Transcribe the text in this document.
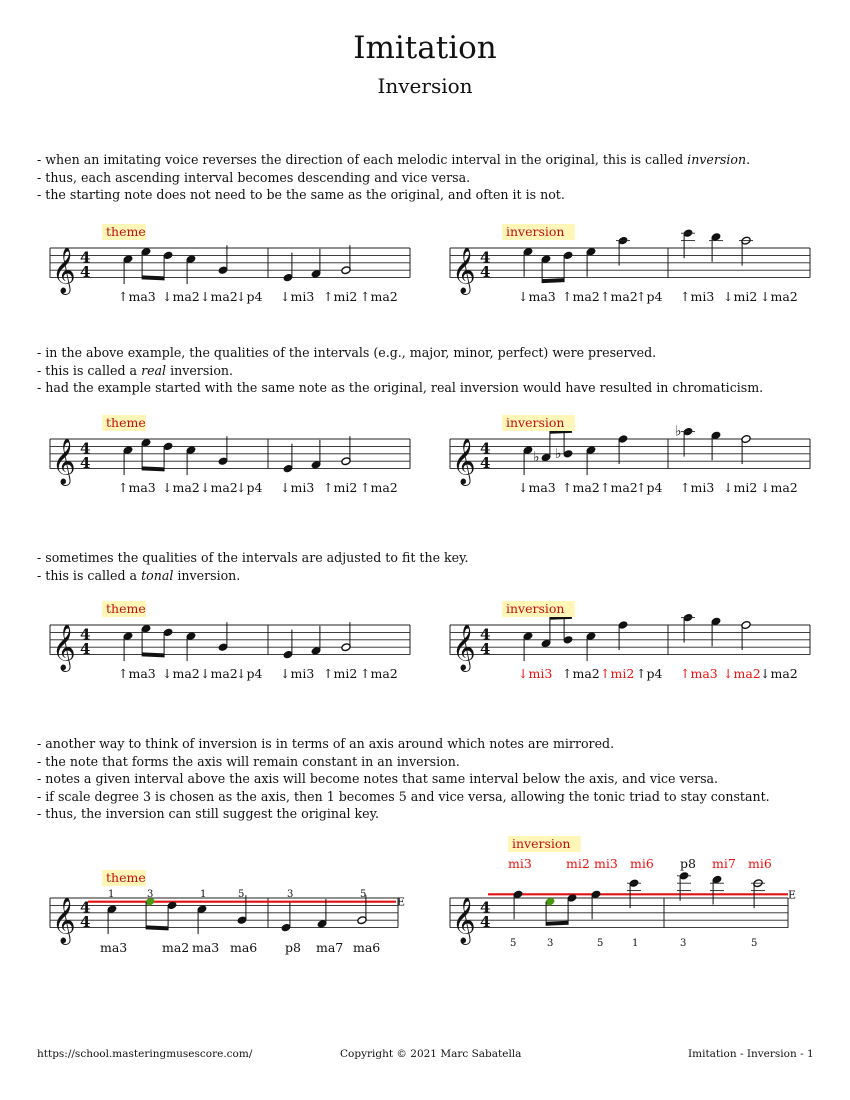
Imitation
Inversion
- when an imitating voice reverses the direction of each melodic interval in the original, this is called inversion.
- thus, each ascending interval becomes descending and vice versa.
- the starting note does not need to be the same as the original, and often it is not.
- in the above example, the qualities of the intervals (e.g., major, minor, perfect) were preserved.
- this is called a real inversion.
- had the example started with the same note as the original, real inversion would have resulted in chromaticism.
- sometimes the qualities of the intervals are adjusted to fit the key.
- this is called a tonal inversion.
- another way to think of inversion is in terms of an axis around which notes are mirrored.
- the note that forms the axis will remain constant in an inversion.
- notes a given interval above the axis will become notes that same interval below the axis, and vice versa.
- if scale degree 3 is chosen as the axis, then 1 becomes 5 and vice versa, allowing the tonic triad to stay constant.
- thus, the inversion can still suggest the original key.
𝄞 4
4
theme
↑ma3 ↓ma2 ↓ma2
↓p4 ↓mi3 ↑mi2 ↑ma2
𝄞 4
4
inversion
↓ma3 ↑ma2 ↑ma2
↑p4 ↑mi3 ↓mi2 ↓ma2
𝄞 4
4
theme
↑ma3 ↓ma2 ↓ma2
↓p4 ↓mi3 ↑mi2 ↑ma2
𝄞 4
4	♭ ♭
♭
inversion
↓ma3 ↑ma2 ↑ma2
↑p4 ↑mi3 ↓mi2 ↓ma2
𝄞 4
4
theme
↑ma3 ↓ma2 ↓ma2
↓p4 ↓mi3 ↑mi2 ↑ma2
𝄞 4
4
inversion
↓mi3 ↑ma2 ↑mi2 ↑p4 ↑ma3 ↓ma2 ↓ma2
𝄞 4
4
E
theme
1	3	1	5	3	5
ma3	ma2 ma3 ma6 p8 ma7 ma6
𝄞 4
4
E
inversion
mi3	mi2 mi3 mi6 p8 mi7 mi6
5	3	5	1	3	5
https://school.masteringmusescore.com/	Copyright © 2021 Marc Sabatella	Imitation - Inversion - 1
